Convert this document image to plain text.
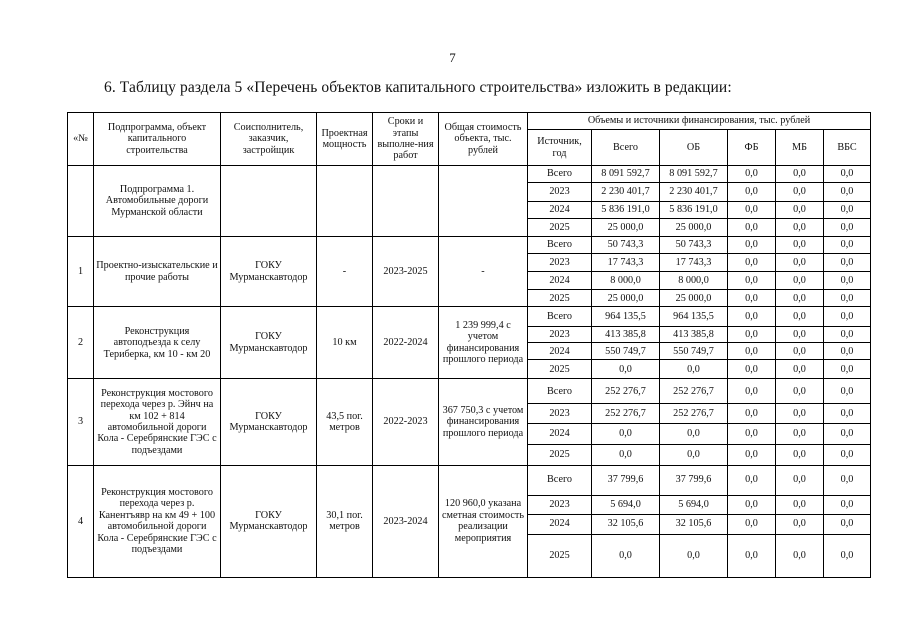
7
6. Таблицу раздела 5 «Перечень объектов капитального строительства» изложить в редакции:
«№	Подпрограмма, объект капитального строительства	Соисполнитель, заказчик, застройщик	Проектная мощность	Сроки и этапы выполне-ния работ	Общая стоимость объекта, тыс. рублей	Объемы и источники финансирования, тыс. рублей					
						Источник, год	Всего	ОБ	ФБ	МБ	ВБС
	Подпрограмма 1. Автомобильные дороги Мурманской области					Всего	8 091 592,7	8 091 592,7	0,0	0,0	0,0
						2023	2 230 401,7	2 230 401,7	0,0	0,0	0,0
						2024	5 836 191,0	5 836 191,0	0,0	0,0	0,0
						2025	25 000,0	25 000,0	0,0	0,0	0,0
1	Проектно-изыскательские и прочие работы	ГОКУ Мурманскавтодор	-	2023-2025	-	Всего	50 743,3	50 743,3	0,0	0,0	0,0
						2023	17 743,3	17 743,3	0,0	0,0	0,0
						2024	8 000,0	8 000,0	0,0	0,0	0,0
						2025	25 000,0	25 000,0	0,0	0,0	0,0
2	Реконструкция автоподъезда к селу Териберка, км 10 - км 20	ГОКУ Мурманскавтодор	10 км	2022-2024	1 239 999,4 с учетом финансирования прошлого периода	Всего	964 135,5	964 135,5	0,0	0,0	0,0
						2023	413 385,8	413 385,8	0,0	0,0	0,0
						2024	550 749,7	550 749,7	0,0	0,0	0,0
						2025	0,0	0,0	0,0	0,0	0,0
3	Реконструкция мостового перехода через р. Эйнч на км 102 + 814 автомобильной дороги Кола - Серебрянские ГЭС с подъездами	ГОКУ Мурманскавтодор	43,5 пог. метров	2022-2023	367 750,3 с учетом финансирования прошлого периода	Всего	252 276,7	252 276,7	0,0	0,0	0,0
						2023	252 276,7	252 276,7	0,0	0,0	0,0
						2024	0,0	0,0	0,0	0,0	0,0
						2025	0,0	0,0	0,0	0,0	0,0
4	Реконструкция мостового перехода через р. Канентъявр на км 49 + 100 автомобильной дороги Кола - Серебрянские ГЭС с подъездами	ГОКУ Мурманскавтодор	30,1 пог. метров	2023-2024	120 960,0 указана сметная стоимость реализации мероприятия	Всего	37 799,6	37 799,6	0,0	0,0	0,0
						2023	5 694,0	5 694,0	0,0	0,0	0,0
						2024	32 105,6	32 105,6	0,0	0,0	0,0
						2025	0,0	0,0	0,0	0,0	0,0
